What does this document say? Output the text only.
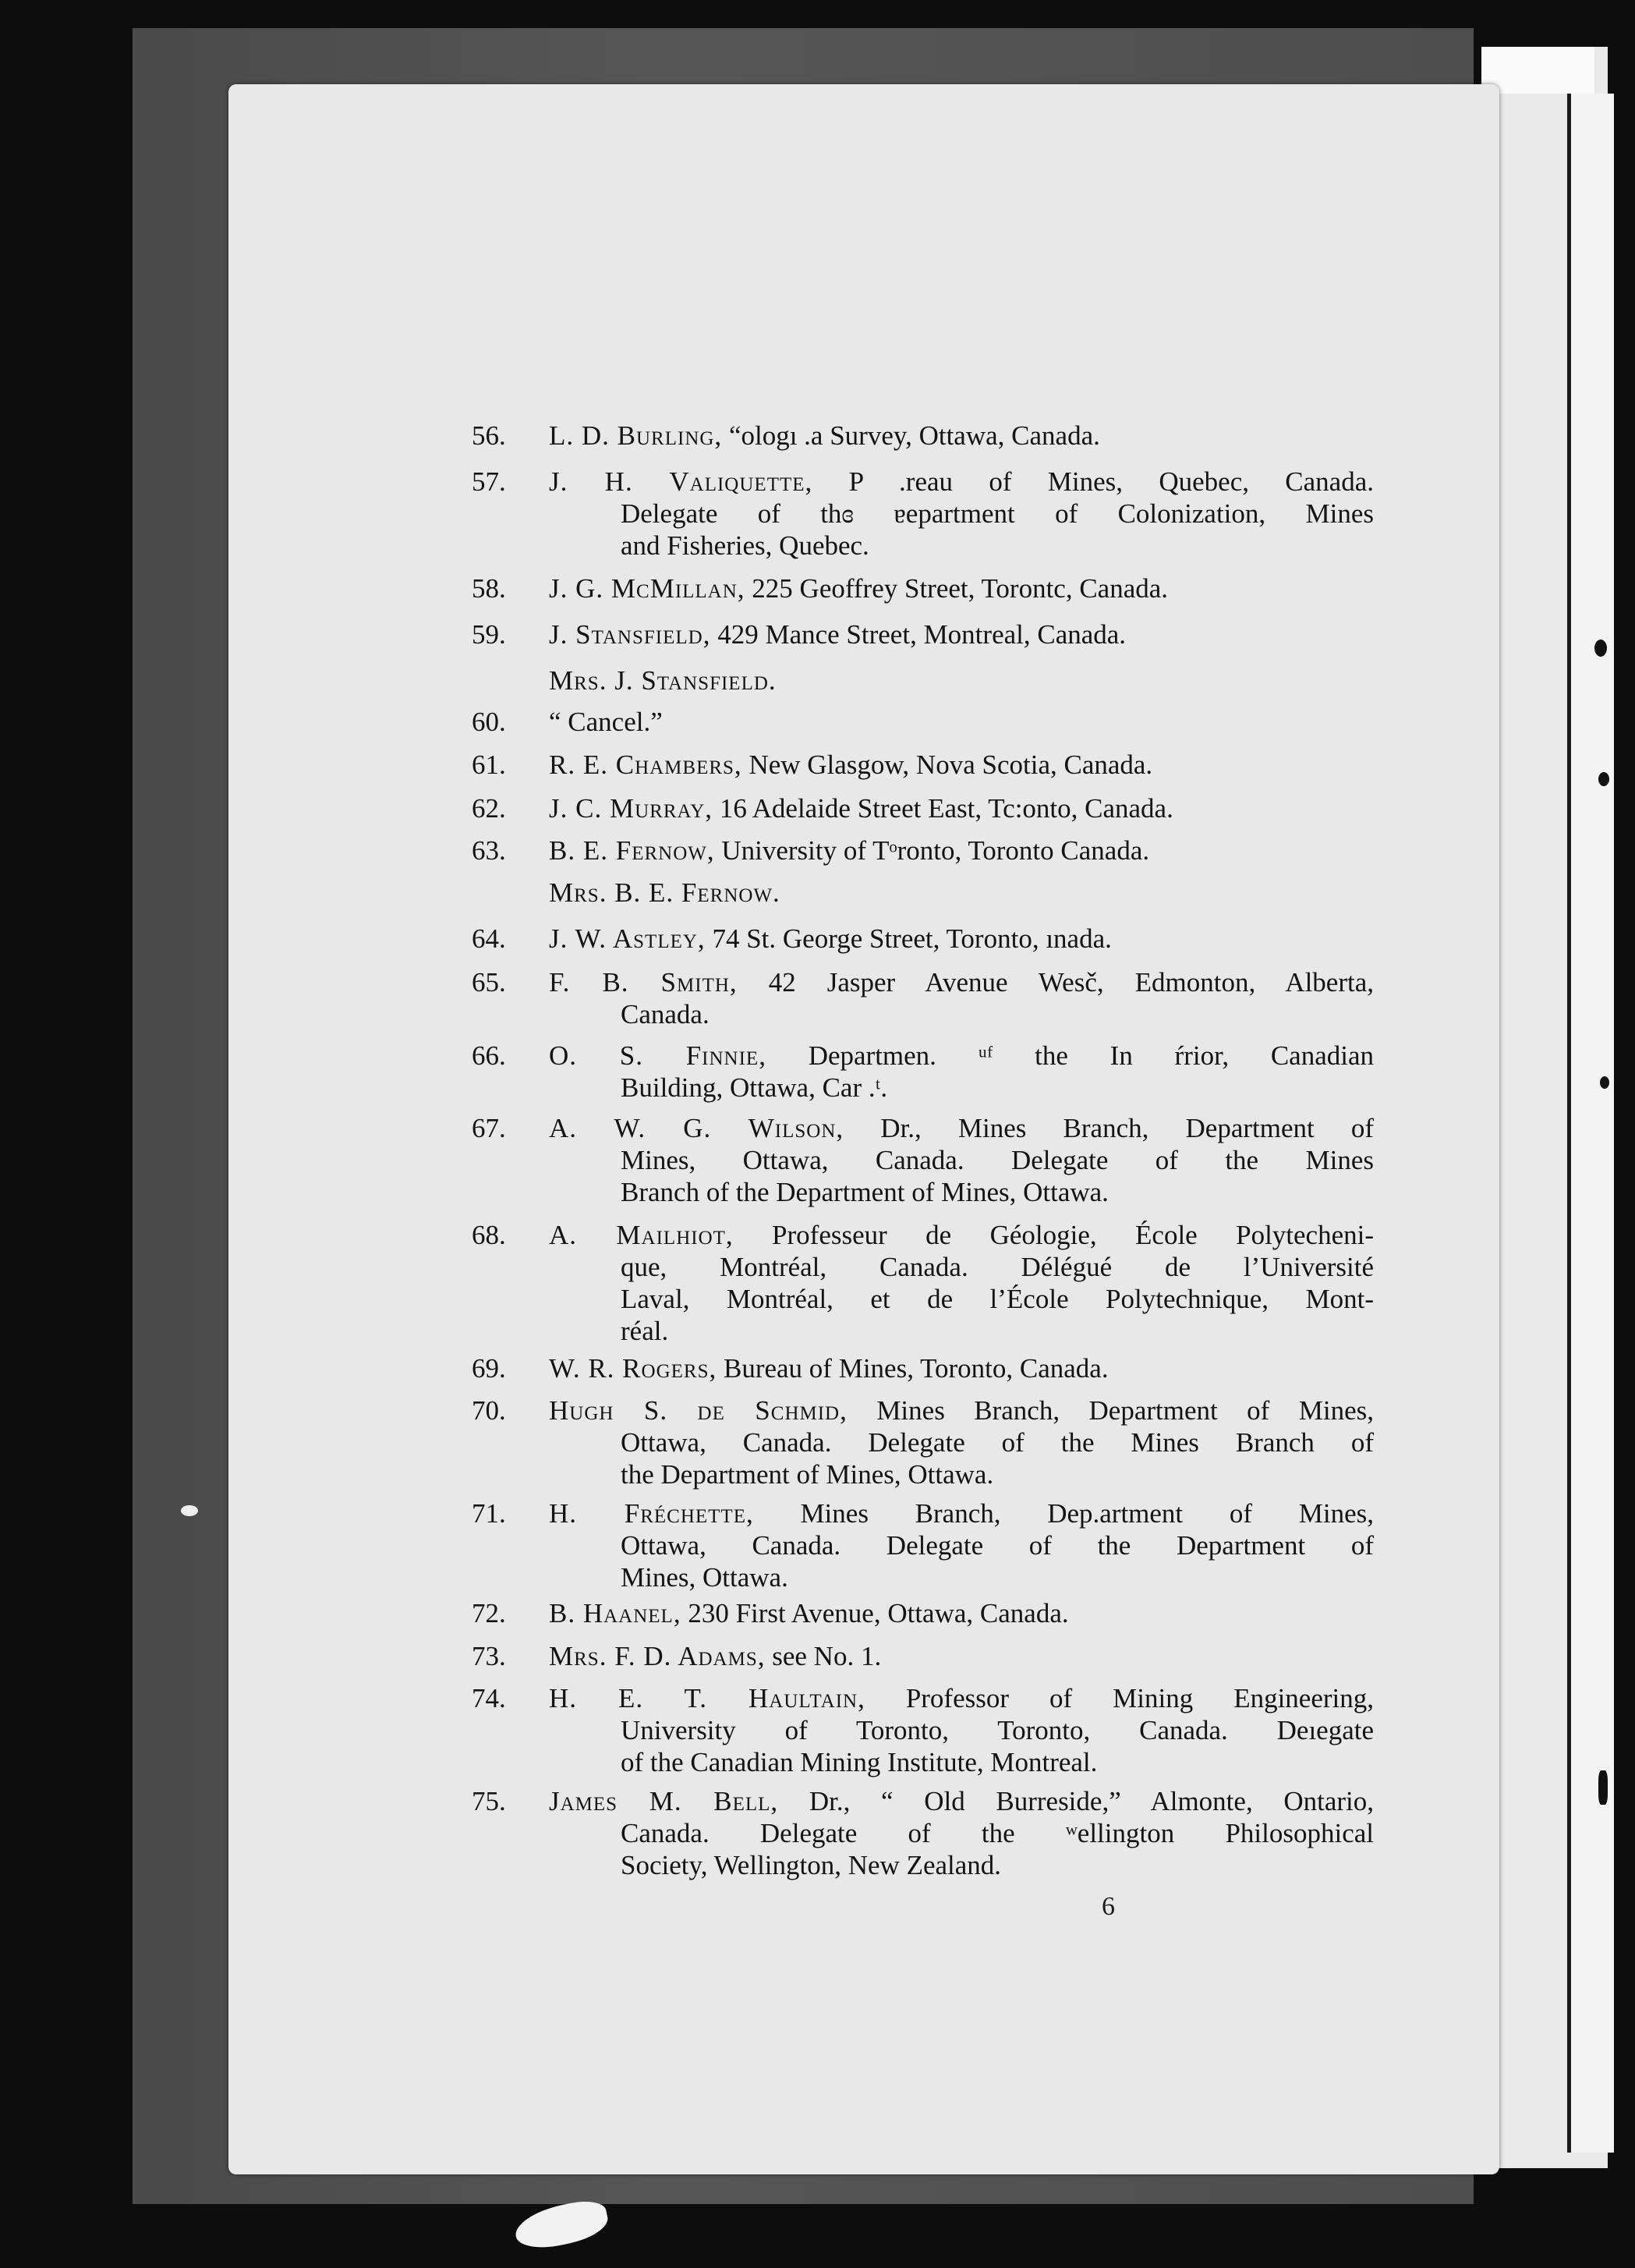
56.	L. D. Burling, “ologı .a Survey, Ottawa, Canada.
57.	J. H. Valiquette, P .reau of Mines, Quebec, Canada.
Delegate of thɞ ɐepartment of Colonization, Mines
and Fisheries, Quebec.
58.	J. G. McMillan, 225 Geoffrey Street, Torontc, Canada.
59.	J. Stansfield, 429 Mance Street, Montreal, Canada.
Mrs. J. Stansfield.
60.	“ Cancel.”
61.	R. E. Chambers, New Glasgow, Nova Scotia, Canada.
62.	J. C. Murray, 16 Adelaide Street East, Tc:onto, Canada.
63.	B. E. Fernow, University of Tᵒronto, Toronto Canada.
Mrs. B. E. Fernow.
64.	J. W. Astley, 74 St. George Street, Toronto, ınada.
65.	F. B. Smith, 42 Jasper Avenue Wesč, Edmonton, Alberta,
Canada.
66.	O. S. Finnie, Departmen. ᵘᶠ the In ŕrior, Canadian
Building, Ottawa, Car .ᵗ.
67.	A. W. G. Wilson, Dr., Mines Branch, Department of
Mines, Ottawa, Canada. Delegate of the Mines
Branch of the Department of Mines, Ottawa.
68.	A. Mailhiot, Professeur de Géologie, École Polytecheni-
que, Montréal, Canada. Délégué de l’Université
Laval, Montréal, et de l’École Polytechnique, Mont-
réal.
69.	W. R. Rogers, Bureau of Mines, Toronto, Canada.
70.	Hugh S. de Schmid, Mines Branch, Department of Mines,
Ottawa, Canada. Delegate of the Mines Branch of
the Department of Mines, Ottawa.
71.	H. Fréchette, Mines Branch, Dep.artment of Mines,
Ottawa, Canada. Delegate of the Department of
Mines, Ottawa.
72.	B. Haanel, 230 First Avenue, Ottawa, Canada.
73.	Mrs. F. D. Adams, see No. 1.
74.	H. E. T. Haultain, Professor of Mining Engineering,
University of Toronto, Toronto, Canada. Deıegate
of the Canadian Mining Institute, Montreal.
75.	James M. Bell, Dr., “ Old Burreside,” Almonte, Ontario,
Canada. Delegate of the ʷellington Philosophical
Society, Wellington, New Zealand.
6
